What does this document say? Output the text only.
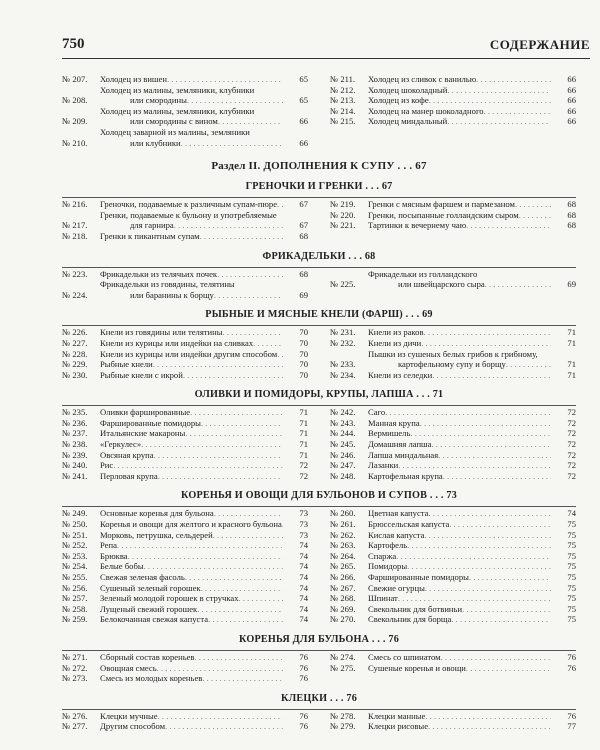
750	СОДЕРЖАНИЕ
№ 207.	Холодец из вишен . . .	65
№ 208.
Холодец из малины, земляники, клубники
или смородины . . .	65
№ 209.
Холодец из малины, земляники, клубники
или смородины с вином . . .	66
№ 210.
Холодец заварной из малины, земляники
или клубники . . .	66
№ 211.	Холодец из сливок с ванилью . . .	66
№ 212.	Холодец шоколадный . . .	66
№ 213.	Холодец из кофе . . .	66
№ 214.	Холодец на манер шоколадного . . .	66
№ 215.	Холодец миндальный . . .	66
Раздел II. ДОПОЛНЕНИЯ К СУПУ . . . 67
ГРЕНОЧКИ И ГРЕНКИ . . . 67
№ 216.	Греночки, подаваемые к различным супам-пюре . . .	67
№ 217.
Гренки, подаваемые к бульону и употребляемые
для гарнира . . .	67
№ 218.	Гренки к пикантным супам . . .	68
№ 219.	Гренки с мясным фаршем и пармезаном . . .	68
№ 220.	Гренки, посыпанные голландским сыром . . .	68
№ 221.	Тартинки к вечернему чаю . . .	68
ФРИКАДЕЛЬКИ . . . 68
№ 223.	Фрикадельки из телячьих почек . . .	68
№ 224.
Фрикадельки из говядины, телятины
или баранины к борщу . . .	69
№ 225.
Фрикадельки из голландского
или швейцарского сыра . . .	69
РЫБНЫЕ И МЯСНЫЕ КНЕЛИ (ФАРШ) . . . 69
№ 226.	Кнели из говядины или телятины . . .	70
№ 227.	Кнели из курицы или индейки на сливках . . .	70
№ 228.	Кнели из курицы или индейки другим способом . . .	70
№ 229.	Рыбные кнели . . .	70
№ 230.	Рыбные кнели с икрой . . .	70
№ 231.	Кнели из раков . . .	71
№ 232.	Кнели из дичи . . .	71
№ 233.
Пышки из сушеных белых грибов к грибному,
картофельному супу и борщу . . .	71
№ 234.	Кнели из селедки . . .	71
ОЛИВКИ И ПОМИДОРЫ, КРУПЫ, ЛАПША . . . 71
№ 235.	Оливки фаршированные . . .	71
№ 236.	Фаршированные помидоры . . .	71
№ 237.	Итальянские макароны . . .	71
№ 238.	«Геркулес» . . .	71
№ 239.	Овсяная крупа . . .	71
№ 240.	Рис . . .	72
№ 241.	Перловая крупа . . .	72
№ 242.	Саго . . .	72
№ 243.	Манная крупа . . .	72
№ 244.	Вермишель . . .	72
№ 245.	Домашняя лапша . . .	72
№ 246.	Лапша миндальная . . .	72
№ 247.	Лазанки . . .	72
№ 248.	Картофельная крупа . . .	72
КОРЕНЬЯ И ОВОЩИ ДЛЯ БУЛЬОНОВ И СУПОВ . . . 73
№ 249.	Основные коренья для бульона . . .	73
№ 250.	Коренья и овощи для желтого и красного бульона . . .	73
№ 251.	Морковь, петрушка, сельдерей . . .	73
№ 252.	Репа . . .	74
№ 253.	Брюква . . .	74
№ 254.	Белые бобы . . .	74
№ 255.	Свежая зеленая фасоль . . .	74
№ 256.	Сушеный зеленый горошек . . .	74
№ 257.	Зеленый молодой горошек в стручках . . .	74
№ 258.	Лущеный свежий горошек . . .	74
№ 259.	Белокочанная свежая капуста . . .	74
№ 260.	Цветная капуста . . .	74
№ 261.	Брюссельская капуста . . .	75
№ 262.	Кислая капуста . . .	75
№ 263.	Картофель . . .	75
№ 264.	Спаржа . . .	75
№ 265.	Помидоры . . .	75
№ 266.	Фаршированные помидоры . . .	75
№ 267.	Свежие огурцы . . .	75
№ 268.	Шпинат . . .	75
№ 269.	Свекольник для ботвиньи . . .	75
№ 270.	Свекольник для борща . . .	75
КОРЕНЬЯ ДЛЯ БУЛЬОНА . . . 76
№ 271.	Сборный состав кореньев . . .	76
№ 272.	Овощная смесь . . .	76
№ 273.	Смесь из молодых кореньев . . .	76
№ 274.	Смесь со шпинатом . . .	76
№ 275.	Сушеные коренья и овощи . . .	76
КЛЕЦКИ . . . 76
№ 276.	Клецки мучные . . .	76
№ 277.	Другим способом . . .	76
№ 278.	Клецки манные . . .	76
№ 279.	Клецки рисовые . . .	77
